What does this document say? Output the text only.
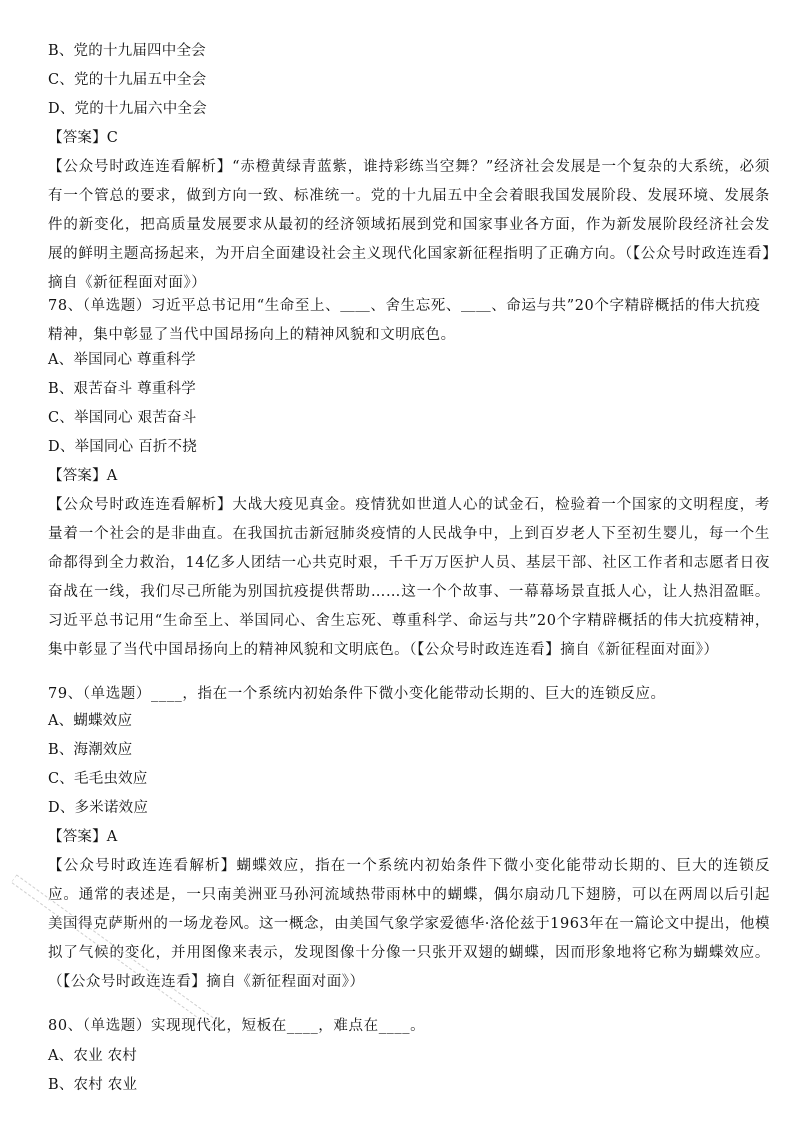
B、党的十九届四中全会
C、党的十九届五中全会
D、党的十九届六中全会
【答案】C
【公众号时政连连看解析】“赤橙黄绿青蓝紫，谁持彩练当空舞？”经济社会发展是一个复杂的大系统，必须有一个管总的要求，做到方向一致、标准统一。党的十九届五中全会着眼我国发展阶段、发展环境、发展条件的新变化，把高质量发展要求从最初的经济领域拓展到党和国家事业各方面，作为新发展阶段经济社会发展的鲜明主题高扬起来，为开启全面建设社会主义现代化国家新征程指明了正确方向。（【公众号时政连连看】摘自《新征程面对面》）
78、（单选题）习近平总书记用“生命至上、＿＿、舍生忘死、＿＿、命运与共”20个字精辟概括的伟大抗疫精神，集中彰显了当代中国昂扬向上的精神风貌和文明底色。
A、举国同心 尊重科学
B、艰苦奋斗 尊重科学
C、举国同心 艰苦奋斗
D、举国同心 百折不挠
【答案】A
【公众号时政连连看解析】大战大疫见真金。疫情犹如世道人心的试金石，检验着一个国家的文明程度，考量着一个社会的是非曲直。在我国抗击新冠肺炎疫情的人民战争中，上到百岁老人下至初生婴儿，每一个生命都得到全力救治，14亿多人团结一心共克时艰，千千万万医护人员、基层干部、社区工作者和志愿者日夜奋战在一线，我们尽己所能为别国抗疫提供帮助……这一个个故事、一幕幕场景直抵人心，让人热泪盈眶。习近平总书记用“生命至上、举国同心、舍生忘死、尊重科学、命运与共”20个字精辟概括的伟大抗疫精神，集中彰显了当代中国昂扬向上的精神风貌和文明底色。（【公众号时政连连看】摘自《新征程面对面》）
79、（单选题）____，指在一个系统内初始条件下微小变化能带动长期的、巨大的连锁反应。
A、蝴蝶效应
B、海潮效应
C、毛毛虫效应
D、多米诺效应
【答案】A
【公众号时政连连看解析】蝴蝶效应，指在一个系统内初始条件下微小变化能带动长期的、巨大的连锁反应。通常的表述是，一只南美洲亚马孙河流域热带雨林中的蝴蝶，偶尔扇动几下翅膀，可以在两周以后引起美国得克萨斯州的一场龙卷风。这一概念，由美国气象学家爱德华·洛伦兹于1963年在一篇论文中提出，他模拟了气候的变化，并用图像来表示，发现图像十分像一只张开双翅的蝴蝶，因而形象地将它称为蝴蝶效应。（【公众号时政连连看】摘自《新征程面对面》）
80、（单选题）实现现代化，短板在____，难点在____。
A、农业 农村
B、农村 农业
